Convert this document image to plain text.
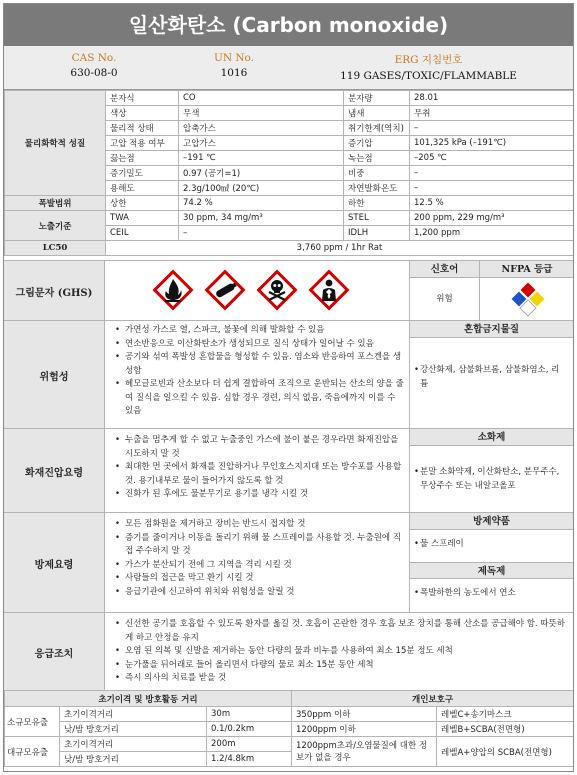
일산화탄소 (Carbon monoxide)
CAS No.
630-08-0
UN No.
1016
ERG 지침번호
119 GASES/TOXIC/FLAMMABLE
물리화학적 성질	분자식	CO	분자량	28.01
	색상	무색	냄새	무취
	물리적 상태	압축가스	취기한계(역치)	–
	고압 적용 여부	고압가스	증기압	101,325 kPa (–191℃)
	끓는점	–191 ℃	녹는점	–205 ℃
	증기밀도	0.97 (공기=1)	비중	–
	용해도	2.3g/100㎖ (20℃)	자연발화온도	–
폭발범위	상한	74.2 %	하한	12.5 %
노출기준	TWA	30 ppm, 34 mg/m³	STEL	200 ppm, 229 mg/m³
	CEIL	–	IDLH	1,200 ppm
LC50	3,760 ppm / 1hr Rat			
그림문자 (GHS)
신호어
위험
NFPA 등급
위험성
• 가연성 가스로 열, 스파크, 불꽃에 의해 발화할 수 있음
• 연소반응으로 이산화탄소가 생성되므로 질식 상태가 일어날 수 있음
• 공기와 섞여 폭발성 혼합물을 형성할 수 있음. 염소와 반응하여 포스겐을 생성함
• 헤모글로빈과 산소보다 더 쉽게 결합하여 조직으로 운반되는 산소의 양을 줄여 질식을 일으킬 수 있음. 심할 경우 경련, 의식 없음, 죽음에까지 이를 수 있음
혼합금지물질
• 강산화제, 삼불화브롬, 삼불화염소, 리튬
화재진압요령
• 누출을 멈추게 할 수 없고 누출중인 가스에 불이 붙은 경우라면 화재진압을 시도하지 말 것
• 최대한 먼 곳에서 화재를 진압하거나 무인호스지지대 또는 방수포를 사용할 것. 용기내부로 물이 들어가지 않도록 할 것
• 진화가 된 후에도 물분무기로 용기를 냉각 시킬 것
소화제
• 분말 소화약제, 이산화탄소, 분무주수, 무상주수 또는 내알코올포
방제요령
• 모든 점화원을 제거하고 장비는 반드시 접지할 것
• 증기를 줄이거나 이동을 돌리기 위해 물 스프레이를 사용할 것. 누출원에 직접 주수하지 말 것
• 가스가 분산되기 전에 그 지역을 격리 시킬 것
• 사람들의 접근을 막고 환기 시킬 것
• 응급기관에 신고하여 위치와 위험성을 알릴 것
방제약품
• 물 스프레이
제독제
• 폭발하한의 농도에서 연소
응급조치
• 신선한 공기를 호흡할 수 있도록 환자를 옮길 것. 호흡이 곤란한 경우 호흡 보조 장치를 통해 산소를 공급해야 함. 따뜻하게 하고 안정을 유지
• 오염 된 의복 및 신발을 제거하는 동안 다량의 물과 비누를 사용하여 최소 15분 정도 세척
• 눈가풀을 뒤어래로 들어 올리면서 다량의 물로 최소 15분 동안 세척
• 즉시 의사의 치료를 받을 것
초기이격 및 방호활동 거리			개인보호구	
소규모유출	초기이격거리	30m	350ppm 이하	레벨C+송기마스크
	낮/밤 방호거리	0.1/0.2km	1200ppm 이하	레벨B+SCBA(전면형)
대규모유출	초기이격거리	200m	1200ppm초과/오염물질에 대한 정보가 없을 경우	레벨A+양압의 SCBA(전면형)
	낮/밤 방호거리	1.2/4.8km		
